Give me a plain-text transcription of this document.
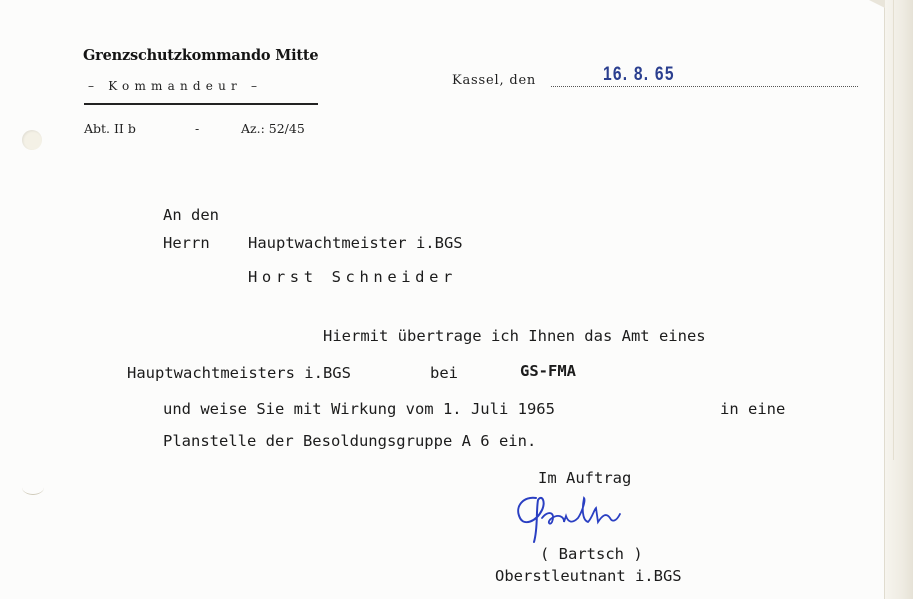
Grenzschutzkommando Mitte
– Kommandeur –
Abt. II b	-	Az.: 52/45
Kassel, den	16. 8. 65
An den
Herrn Hauptwachtmeister i.BGS
Horst Schneider
Hiermit übertrage ich Ihnen das Amt eines
Hauptwachtmeisters i.BGS	bei	GS-FMA
und weise Sie mit Wirkung vom 1. Juli 1965	in eine
Planstelle der Besoldungsgruppe A 6 ein.
Im Auftrag
( Bartsch )
Oberstleutnant i.BGS
